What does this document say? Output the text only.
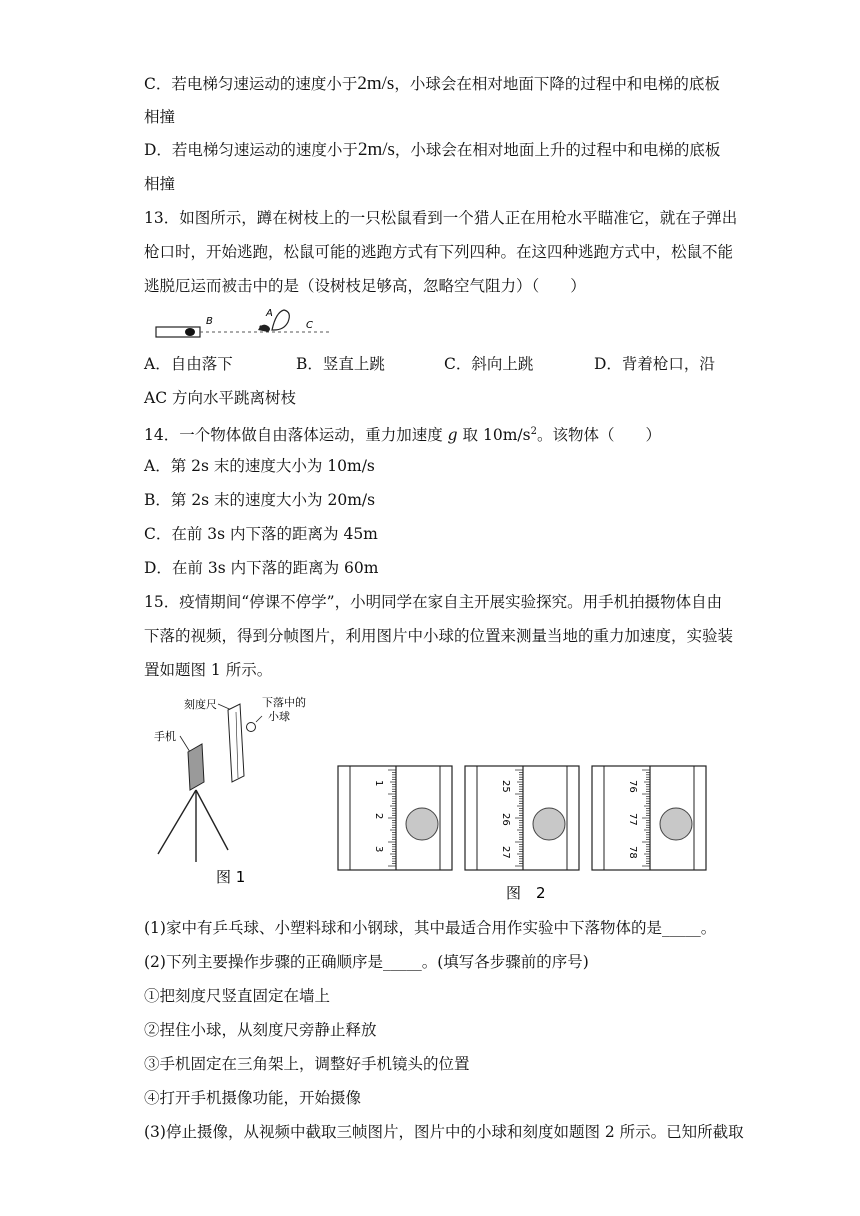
C．若电梯匀速运动的速度小于2m/s，小球会在相对地面下降的过程中和电梯的底板
相撞
D．若电梯匀速运动的速度小于2m/s，小球会在相对地面上升的过程中和电梯的底板
相撞
13．如图所示，蹲在树枝上的一只松鼠看到一个猎人正在用枪水平瞄准它，就在子弹出
枪口时，开始逃跑，松鼠可能的逃跑方式有下列四种。在这四种逃跑方式中，松鼠不能
逃脱厄运而被击中的是（设树枝足够高，忽略空气阻力）（　　）
B
A
C
A．自由落下	B．竖直上跳	C．斜向上跳	D．背着枪口，沿
AC 方向水平跳离树枝
14．一个物体做自由落体运动，重力加速度 g 取 $10m/s^2$。该物体（　　）
A．第 2s 末的速度大小为 10m/s
B．第 2s 末的速度大小为 20m/s
C．在前 3s 内下落的距离为 45m
D．在前 3s 内下落的距离为 60m
15．疫情期间“停课不停学”，小明同学在家自主开展实验探究。用手机拍摄物体自由
下落的视频，得到分帧图片，利用图片中小球的位置来测量当地的重力加速度，实验装
置如题图 1 所示。
刻度尺	下落中的
小球
手机
图 1
1
2
3
25
26
27
76
77
78
图　2
(1)家中有乒乓球、小塑料球和小钢球，其中最适合用作实验中下落物体的是_____。
(2)下列主要操作步骤的正确顺序是_____。(填写各步骤前的序号)
①把刻度尺竖直固定在墙上
②捏住小球，从刻度尺旁静止释放
③手机固定在三角架上，调整好手机镜头的位置
④打开手机摄像功能，开始摄像
(3)停止摄像，从视频中截取三帧图片，图片中的小球和刻度如题图 2 所示。已知所截取
